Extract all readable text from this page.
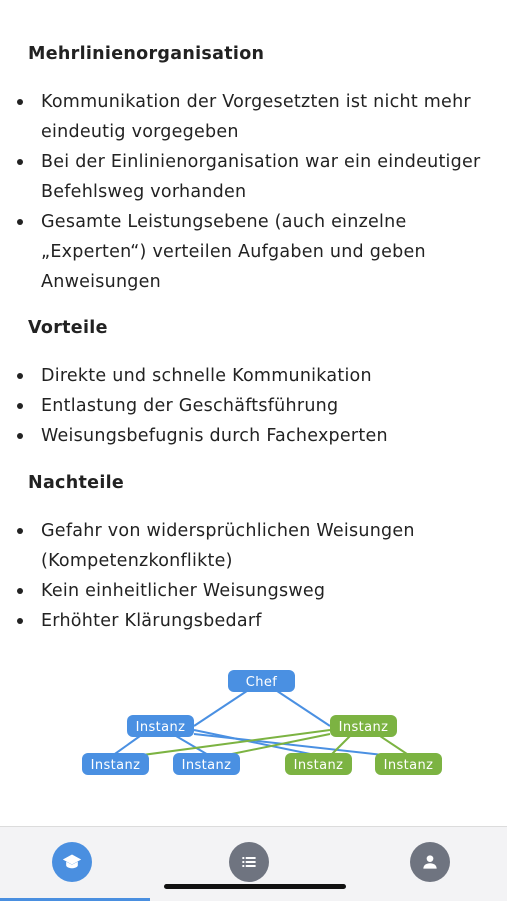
Mehrlinienorganisation
Kommunikation der Vorgesetzten ist nicht mehr eindeutig vorgegeben
Bei der Einlinienorganisation war ein eindeutiger Befehlsweg vorhanden
Gesamte Leistungsebene (auch einzelne „Experten“) verteilen Aufgaben und geben Anweisungen
Vorteile
Direkte und schnelle Kommunikation
Entlastung der Geschäftsführung
Weisungsbefugnis durch Fachexperten
Nachteile
Gefahr von widersprüchlichen Weisungen (Kompetenzkonflikte)
Kein einheitlicher Weisungsweg
Erhöhter Klärungsbedarf
Chef
Instanz	Instanz
Instanz	Instanz	Instanz	Instanz
